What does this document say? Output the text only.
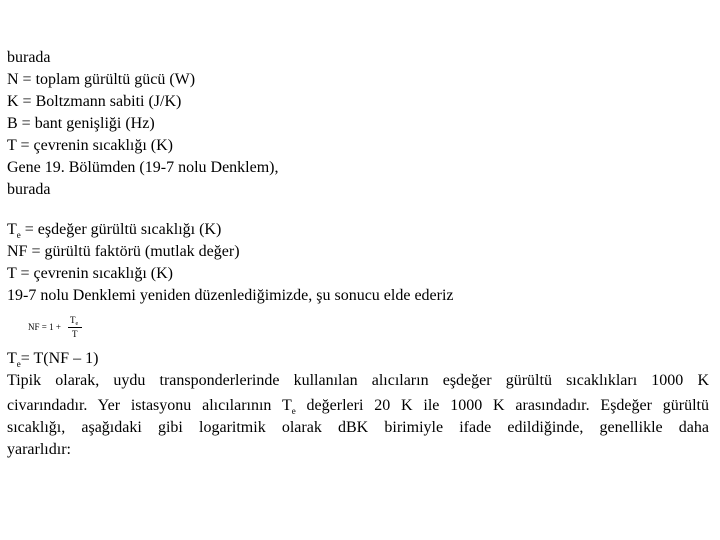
burada
N = toplam gürültü gücü (W)
K = Boltzmann sabiti (J/K)
B = bant genişliği (Hz)
T = çevrenin sıcaklığı (K)
Gene 19. Bölümden (19-7 nolu Denklem),
burada
$T_e$ = eşdeğer gürültü sıcaklığı (K)
NF = gürültü faktörü (mutlak değer)
T = çevrenin sıcaklığı (K)
19-7 nolu Denklemi yeniden düzenlediğimizde, şu sonucu elde ederiz
NF = 1 +
$T_e$
T
$T_e= T(NF - 1)$
Tipik olarak, uydu transponderlerinde kullanılan alıcıların eşdeğer gürültü sıcaklıkları 1000 K
civarındadır. Yer istasyonu alıcılarının $T_e$ değerleri 20 K ile 1000 K arasındadır. Eşdeğer gürültü
sıcaklığı, aşağıdaki gibi logaritmik olarak dBK birimiyle ifade edildiğinde, genellikle daha
yararlıdır:
